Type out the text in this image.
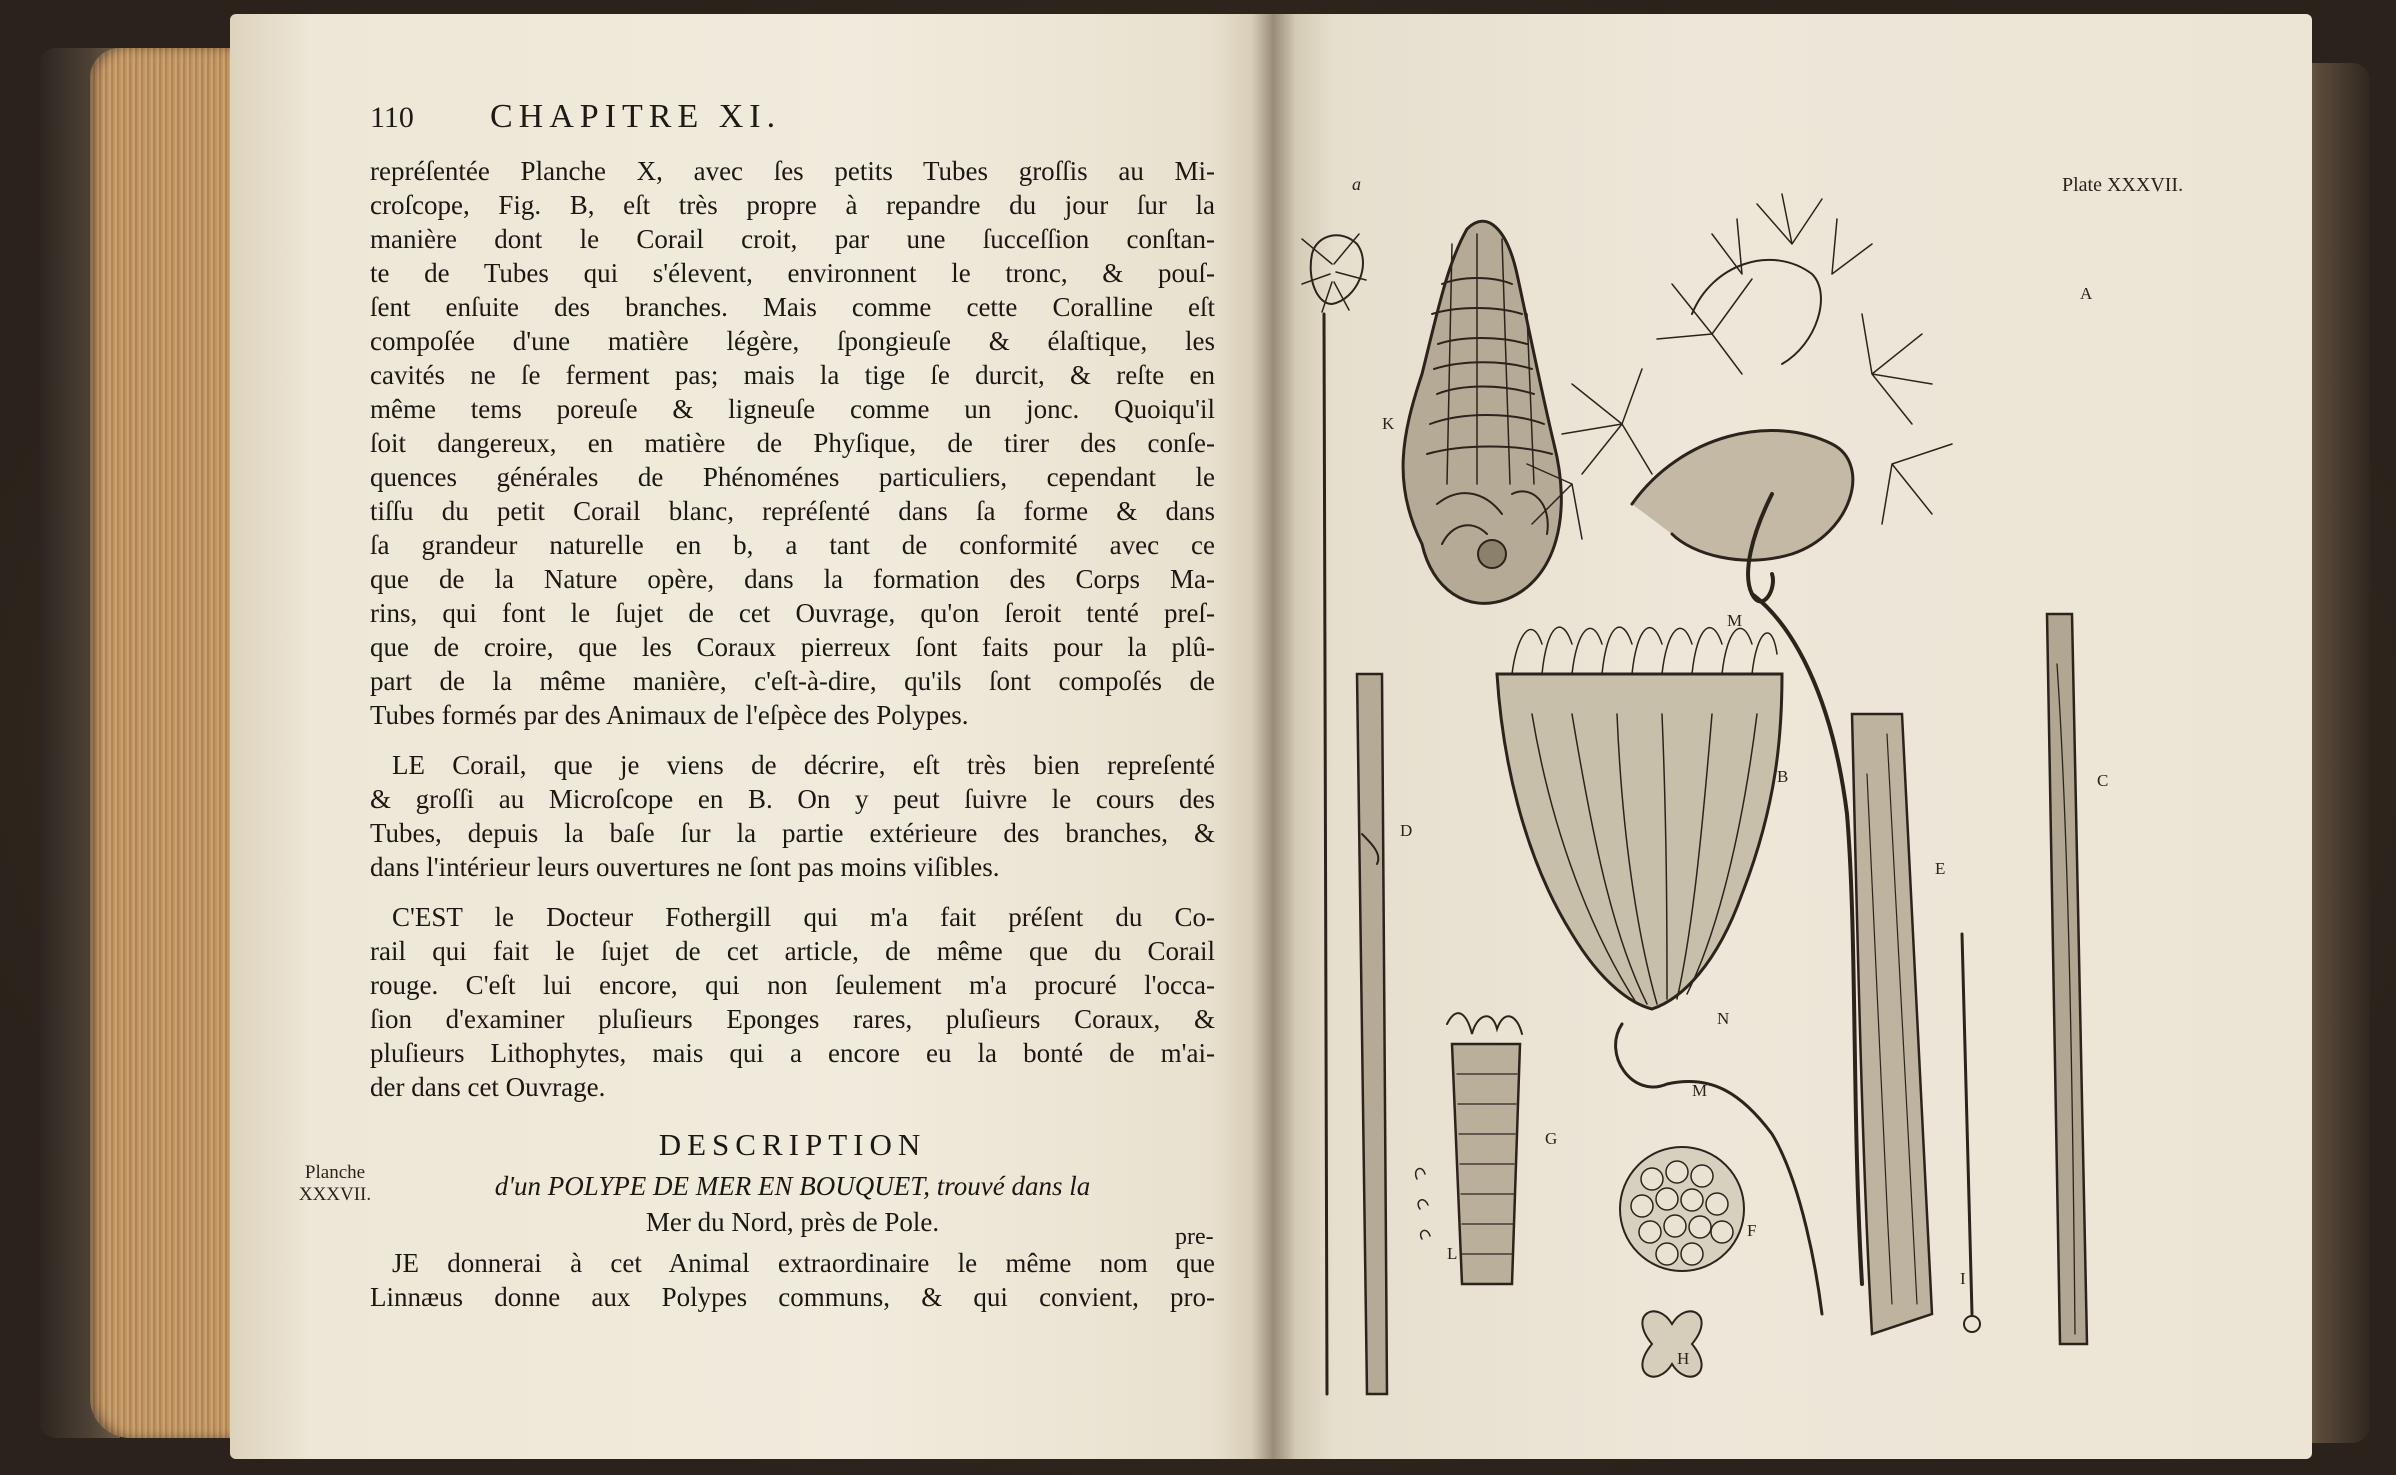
110	CHAPITRE XI.

repréſentée Planche X, avec ſes petits Tubes groſſis au Mi-
croſcope, Fig. B, eſt très propre à repandre du jour ſur la
manière dont le Corail croit, par une ſucceſſion conſtan-
te de Tubes qui s'élevent, environnent le tronc, & pouſ-
ſent enſuite des branches. Mais comme cette Coralline eſt
compoſée d'une matière légère, ſpongieuſe & élaſtique, les
cavités ne ſe ferment pas; mais la tige ſe durcit, & reſte en
même tems poreuſe & ligneuſe comme un jonc. Quoiqu'il
ſoit dangereux, en matière de Phyſique, de tirer des conſe-
quences générales de Phénoménes particuliers, cependant le
tiſſu du petit Corail blanc, repréſenté dans ſa forme & dans
ſa grandeur naturelle en b, a tant de conformité avec ce
que de la Nature opère, dans la formation des Corps Ma-
rins, qui font le ſujet de cet Ouvrage, qu'on ſeroit tenté preſ-
que de croire, que les Coraux pierreux ſont faits pour la plû-
part de la même manière, c'eſt-à-dire, qu'ils ſont compoſés de
Tubes formés par des Animaux de l'eſpèce des Polypes.

LE Corail, que je viens de décrire, eſt très bien repreſenté
& groſſi au Microſcope en B. On y peut ſuivre le cours des
Tubes, depuis la baſe ſur la partie extérieure des branches, &
dans l'intérieur leurs ouvertures ne ſont pas moins viſibles.

C'EST le Docteur Fothergill qui m'a fait préſent du Co-
rail qui fait le ſujet de cet article, de même que du Corail
rouge. C'eſt lui encore, qui non ſeulement m'a procuré l'occa-
ſion d'examiner pluſieurs Eponges rares, pluſieurs Coraux, &
pluſieurs Lithophytes, mais qui a encore eu la bonté de m'ai-
der dans cet Ouvrage.

DESCRIPTION
d'un POLYPE DE MER EN BOUQUET, trouvé dans la
Mer du Nord, près de Pole.

JE donnerai à cet Animal extraordinaire le même nom que
Linnæus donne aux Polypes communs, & qui convient, pro-

Planche
XXXVII.
pre-
a	Plate XXXVII.
A
B	C
D
E
F
G
H
I
K
L
M
M
N
